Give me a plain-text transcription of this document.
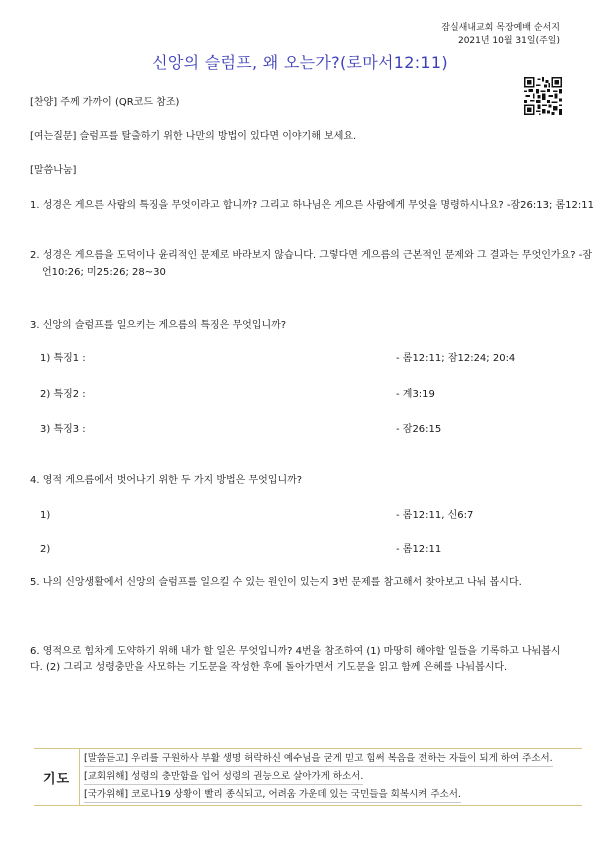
잠실새내교회 목장예배 순서지
2021년 10월 31일(주일)
신앙의 슬럼프, 왜 오는가?(로마서12:11)
[찬양] 주께 가까이 (QR코드 참조)
[여는질문] 슬럼프를 탈출하기 위한 나만의 방법이 있다면 이야기해 보세요.
[말씀나눔]
1. 성경은 게으른 사람의 특징을 무엇이라고 합니까? 그리고 하나님은 게으른 사람에게 무엇을 명령하시나요? -잠26:13; 롬12:11
2. 성경은 게으름을 도덕이나 윤리적인 문제로 바라보지 않습니다. 그렇다면 게으름의 근본적인 문제와 그 결과는 무엇인가요? -잠
언10:26; 미25:26; 28~30
3. 신앙의 슬럼프를 일으키는 게으름의 특징은 무엇입니까?
1) 특징1 :	- 롬12:11; 잠12:24; 20:4
2) 특징2 :	- 계3:19
3) 특징3 :	- 잠26:15
4. 영적 게으름에서 벗어나기 위한 두 가지 방법은 무엇입니까?
1)	- 롬12:11, 신6:7
2)	- 롬12:11
5. 나의 신앙생활에서 신앙의 슬럼프를 일으킬 수 있는 원인이 있는지 3번 문제를 참고해서 찾아보고 나눠 봅시다.
6. 영적으로 힘차게 도약하기 위해 내가 할 일은 무엇입니까? 4번을 참조하여 (1) 마땅히 해야할 일들을 기록하고 나눠봅시다. (2) 그리고 성령충만을 사모하는 기도문을 작성한 후에 돌아가면서 기도문을 읽고 함께 은혜를 나눠봅시다.
기도
[말씀듣고] 우리를 구원하사 부활 생명 허락하신 예수님을 굳게 믿고 힘써 복음을 전하는 자들이 되게 하여 주소서.
[교회위해] 성령의 충만함을 입어 성령의 권능으로 살아가게 하소서.
[국가위해] 코로나19 상황이 빨리 종식되고, 어려움 가운데 있는 국민들을 회복시켜 주소서.
